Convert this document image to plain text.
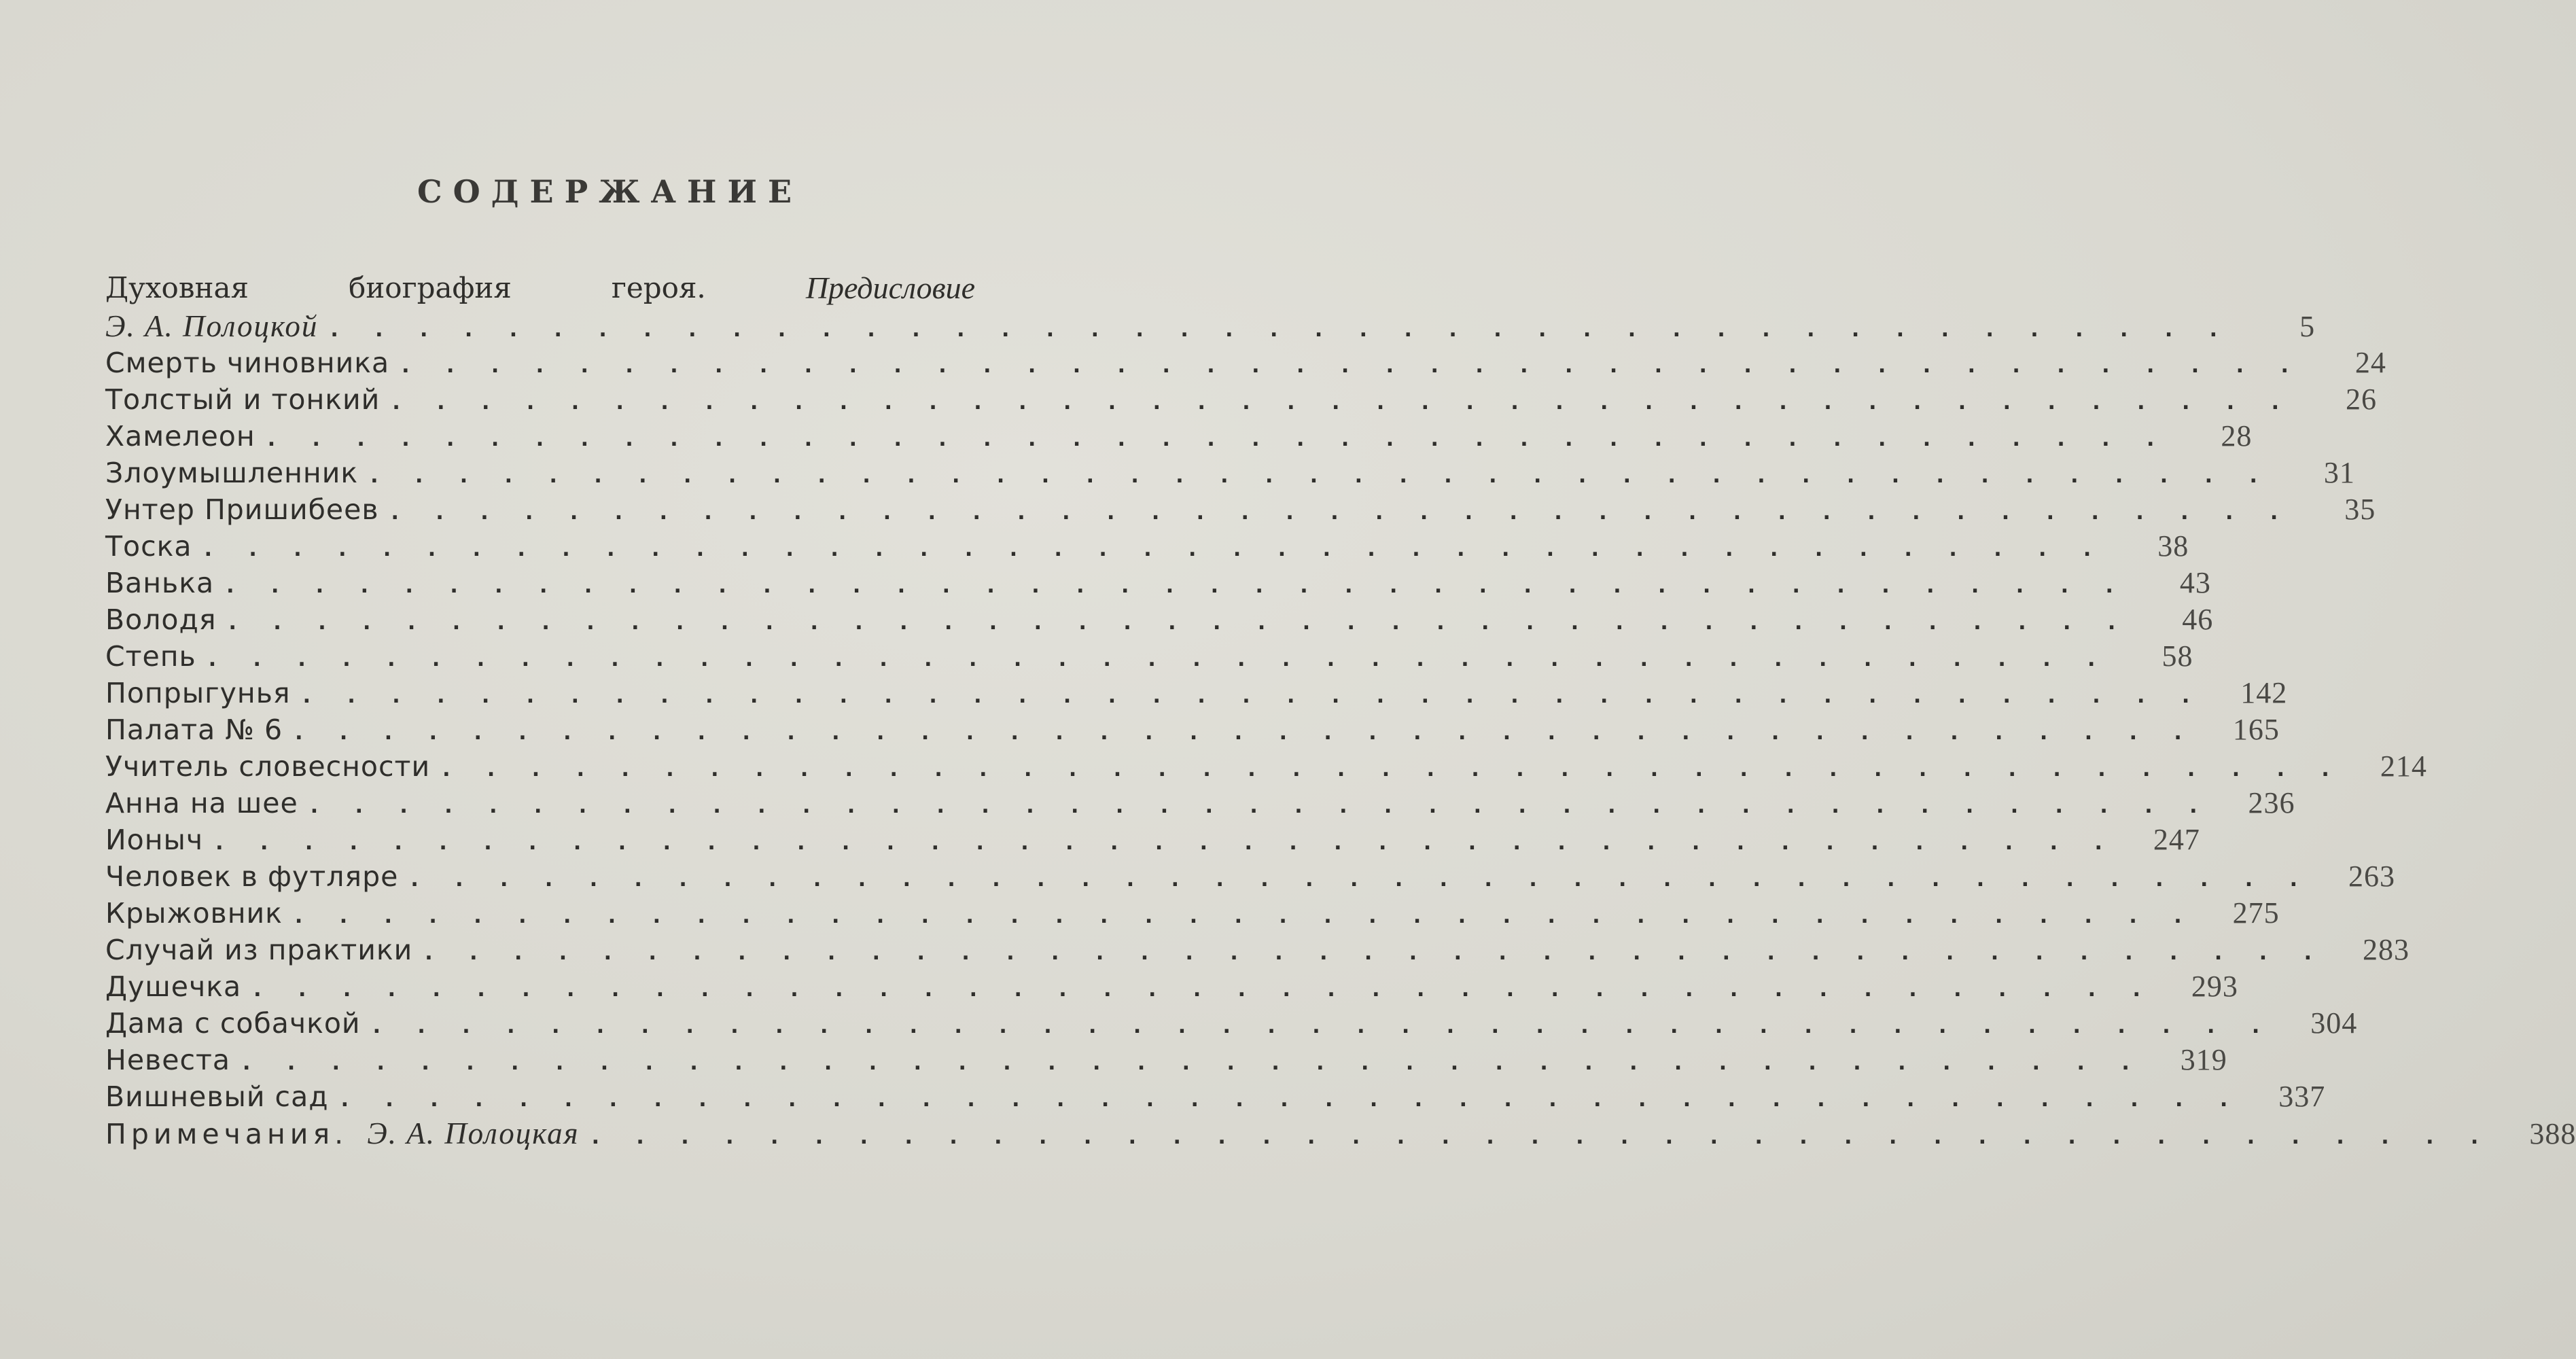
СОДЕРЖАНИЕ
Духовная	биография	героя.	Предисловие
Э. А. Полоцкой . . . . . . . . . . . . . . . . . . . . . . . . . . . . . . . . . . . . . . . . . . .	5
Смерть чиновника . . . . . . . . . . . . . . . . . . . . . . . . . . . . . . . . . . . . . . . . . . .	24
Толстый и тонкий . . . . . . . . . . . . . . . . . . . . . . . . . . . . . . . . . . . . . . . . . . .	26
Хамелеон . . . . . . . . . . . . . . . . . . . . . . . . . . . . . . . . . . . . . . . . . . .	28
Злоумышленник . . . . . . . . . . . . . . . . . . . . . . . . . . . . . . . . . . . . . . . . . . .	31
Унтер Пришибеев . . . . . . . . . . . . . . . . . . . . . . . . . . . . . . . . . . . . . . . . . . .	35
Тоска . . . . . . . . . . . . . . . . . . . . . . . . . . . . . . . . . . . . . . . . . . .	38
Ванька . . . . . . . . . . . . . . . . . . . . . . . . . . . . . . . . . . . . . . . . . . .	43
Володя . . . . . . . . . . . . . . . . . . . . . . . . . . . . . . . . . . . . . . . . . . .	46
Степь . . . . . . . . . . . . . . . . . . . . . . . . . . . . . . . . . . . . . . . . . . .	58
Попрыгунья . . . . . . . . . . . . . . . . . . . . . . . . . . . . . . . . . . . . . . . . . . .	142
Палата № 6 . . . . . . . . . . . . . . . . . . . . . . . . . . . . . . . . . . . . . . . . . . .	165
Учитель словесности . . . . . . . . . . . . . . . . . . . . . . . . . . . . . . . . . . . . . . . . . . .	214
Анна на шее . . . . . . . . . . . . . . . . . . . . . . . . . . . . . . . . . . . . . . . . . . .	236
Ионыч . . . . . . . . . . . . . . . . . . . . . . . . . . . . . . . . . . . . . . . . . . .	247
Человек в футляре . . . . . . . . . . . . . . . . . . . . . . . . . . . . . . . . . . . . . . . . . . .	263
Крыжовник . . . . . . . . . . . . . . . . . . . . . . . . . . . . . . . . . . . . . . . . . . .	275
Случай из практики . . . . . . . . . . . . . . . . . . . . . . . . . . . . . . . . . . . . . . . . . . .	283
Душечка . . . . . . . . . . . . . . . . . . . . . . . . . . . . . . . . . . . . . . . . . . .	293
Дама с собачкой . . . . . . . . . . . . . . . . . . . . . . . . . . . . . . . . . . . . . . . . . . .	304
Невеста . . . . . . . . . . . . . . . . . . . . . . . . . . . . . . . . . . . . . . . . . . .	319
Вишневый сад . . . . . . . . . . . . . . . . . . . . . . . . . . . . . . . . . . . . . . . . . . .	337
Примечания. Э. А. Полоцкая . . . . . . . . . . . . . . . . . . . . . . . . . . . . . . . . . . . . . . . . . . .	388
